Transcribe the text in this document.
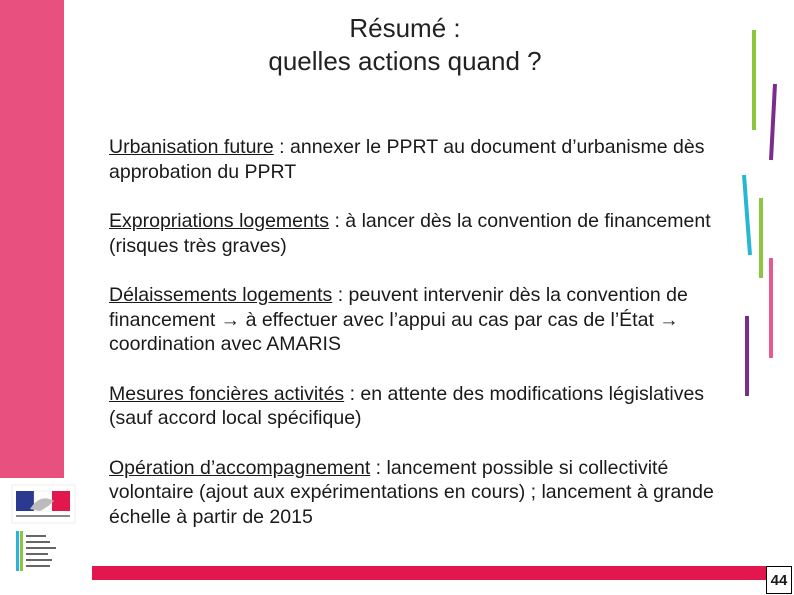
Résumé :
quelles actions quand ?
Urbanisation future : annexer le PPRT au document d’urbanisme dès approbation du PPRT
Expropriations logements : à lancer dès la convention de financement (risques très graves)
Délaissements logements : peuvent intervenir dès la convention de financement → à effectuer avec l’appui au cas par cas de l’État → coordination avec AMARIS
Mesures foncières activités : en attente des modifications législatives (sauf accord local spécifique)
Opération d’accompagnement : lancement possible si collectivité volontaire (ajout aux expérimentations en cours) ; lancement à grande échelle à partir de 2015
44
